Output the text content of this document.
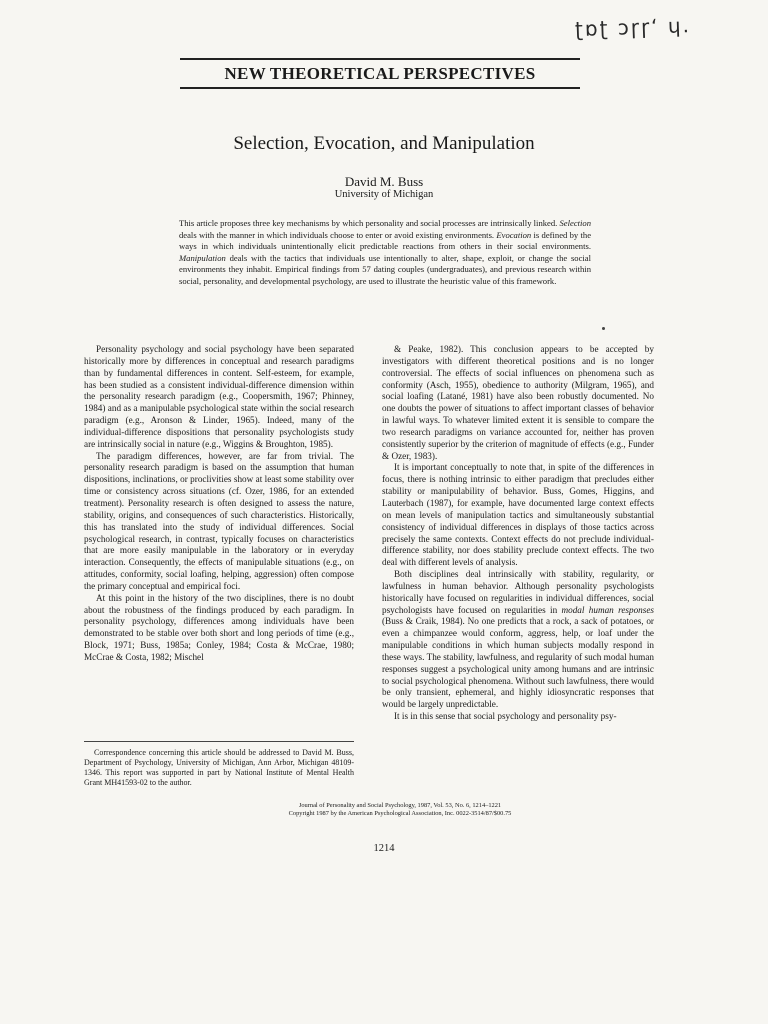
ʈɒʈ ɔɼɼʻ ɥ.
NEW THEORETICAL PERSPECTIVES
Selection, Evocation, and Manipulation
David M. Buss
University of Michigan
This article proposes three key mechanisms by which personality and social processes are intrinsically linked. Selection deals with the manner in which individuals choose to enter or avoid existing environments. Evocation is defined by the ways in which individuals unintentionally elicit predictable reactions from others in their social environments. Manipulation deals with the tactics that individuals use intentionally to alter, shape, exploit, or change the social environments they inhabit. Empirical findings from 57 dating couples (undergraduates), and previous research within social, personality, and developmental psychology, are used to illustrate the heuristic value of this framework.

Personality psychology and social psychology have been separated historically more by differences in conceptual and research paradigms than by fundamental differences in content. Self-esteem, for example, has been studied as a consistent individual-difference dimension within the personality research paradigm (e.g., Coopersmith, 1967; Phinney, 1984) and as a manipulable psychological state within the social research paradigm (e.g., Aronson & Linder, 1965). Indeed, many of the individual-difference dispositions that personality psychologists study are intrinsically social in nature (e.g., Wiggins & Broughton, 1985).

The paradigm differences, however, are far from trivial. The personality research paradigm is based on the assumption that human dispositions, inclinations, or proclivities show at least some stability over time or consistency across situations (cf. Ozer, 1986, for an extended treatment). Personality research is often designed to assess the nature, stability, origins, and consequences of such characteristics. Historically, this has translated into the study of individual differences. Social psychological research, in contrast, typically focuses on characteristics that are more easily manipulable in the laboratory or in everyday interaction. Consequently, the effects of manipulable situations (e.g., on attitudes, conformity, social loafing, helping, aggression) often compose the primary conceptual and empirical foci.

At this point in the history of the two disciplines, there is no doubt about the robustness of the findings produced by each paradigm. In personality psychology, differences among individuals have been demonstrated to be stable over both short and long periods of time (e.g., Block, 1971; Buss, 1985a; Conley, 1984; Costa & McCrae, 1980; McCrae & Costa, 1982; Mischel

Correspondence concerning this article should be addressed to David M. Buss, Department of Psychology, University of Michigan, Ann Arbor, Michigan 48109-1346. This report was supported in part by National Institute of Mental Health Grant MH41593-02 to the author.

& Peake, 1982). This conclusion appears to be accepted by investigators with different theoretical positions and is no longer controversial. The effects of social influences on phenomena such as conformity (Asch, 1955), obedience to authority (Milgram, 1965), and social loafing (Latané, 1981) have also been robustly documented. No one doubts the power of situations to affect important classes of behavior in lawful ways. To whatever limited extent it is sensible to compare the two research paradigms on variance accounted for, neither has proven consistently superior by the criterion of magnitude of effects (e.g., Funder & Ozer, 1983).

It is important conceptually to note that, in spite of the differences in focus, there is nothing intrinsic to either paradigm that precludes either stability or manipulability of behavior. Buss, Gomes, Higgins, and Lauterbach (1987), for example, have documented large context effects on mean levels of manipulation tactics and simultaneously substantial consistency of individual differences in displays of those tactics across precisely the same contexts. Context effects do not preclude individual-difference stability, nor does stability preclude context effects. The two deal with different levels of analysis.

Both disciplines deal intrinsically with stability, regularity, or lawfulness in human behavior. Although personality psychologists historically have focused on regularities in individual differences, social psychologists have focused on regularities in modal human responses (Buss & Craik, 1984). No one predicts that a rock, a sack of potatoes, or even a chimpanzee would conform, aggress, help, or loaf under the manipulable conditions in which human subjects modally respond in these ways. The stability, lawfulness, and regularity of such modal human responses suggest a psychological unity among humans and are intrinsic to social psychological phenomena. Without such lawfulness, there would be only transient, ephemeral, and highly idiosyncratic responses that would be largely unpredictable.

It is in this sense that social psychology and personality psy-

Journal of Personality and Social Psychology, 1987, Vol. 53, No. 6, 1214–1221
Copyright 1987 by the American Psychological Association, Inc. 0022-3514/87/$00.75
1214
